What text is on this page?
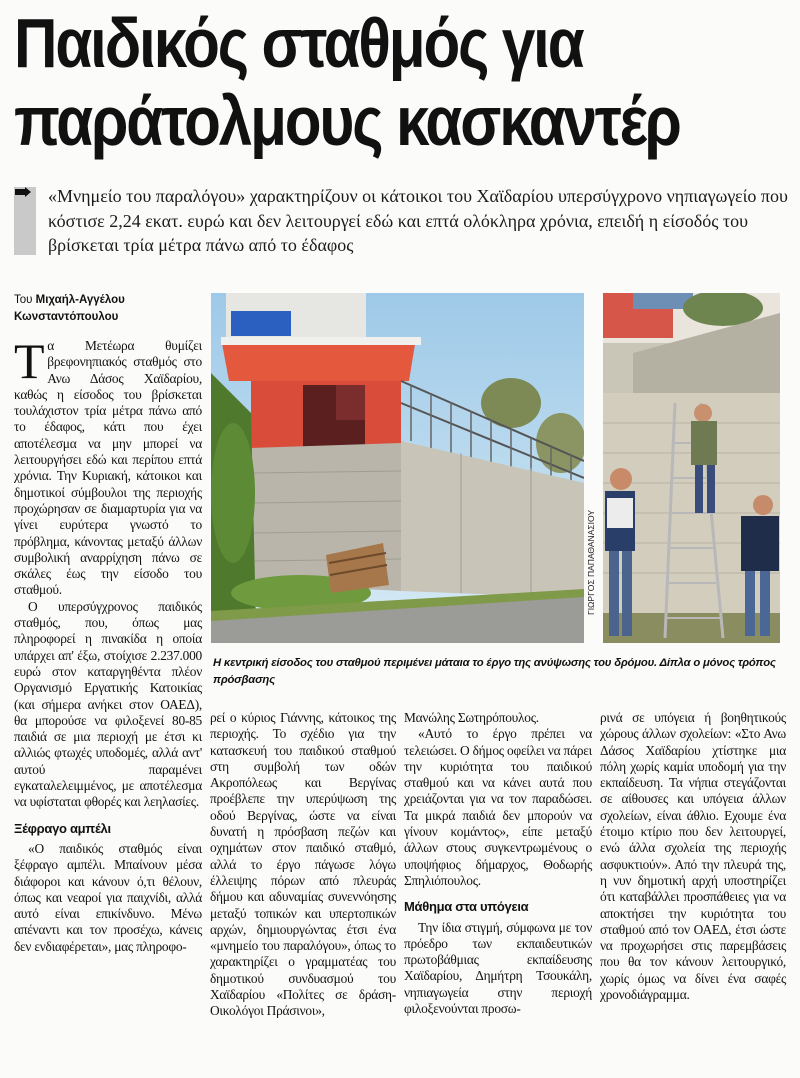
Παιδικός σταθμός για
παράτολμους κασκαντέρ

«Μνημείο του παραλόγου» χαρακτηρίζουν οι κάτοικοι του Χαϊδαρίου υπερσύγχρονο νηπιαγωγείο που κόστισε 2,24 εκατ. ευρώ και δεν λειτουργεί εδώ και επτά ολόκληρα χρόνια, επειδή η είσοδός του βρίσκεται τρία μέτρα πάνω από το έδαφος

Του Μιχαήλ-Αγγέλου Κωνσταντόπουλου
ΓΙΩΡΓΟΣ ΠΑΠΑΘΑΝΑΣΙΟΥ

Η κεντρική είσοδος του σταθμού περιμένει μάταια το έργο της ανύψωσης του δρόμου. Δίπλα ο μόνος τρόπος πρόσβασης

Τα Μετέωρα θυμίζει βρεφονηπιακός σταθμός στο Ανω Δάσος Χαϊδαρίου, καθώς η είσοδος του βρίσκεται τουλάχιστον τρία μέτρα πάνω από το έδαφος, κάτι που έχει αποτέλεσμα να μην μπορεί να λειτουργήσει εδώ και περίπου επτά χρόνια. Την Κυριακή, κάτοικοι και δημοτικοί σύμβουλοι της περιοχής προχώρησαν σε διαμαρτυρία για να γίνει ευρύτερα γνωστό το πρόβλημα, κάνοντας μεταξύ άλλων συμβολική αναρρίχηση πάνω σε σκάλες έως την είσοδο του σταθμού.

Ο υπερσύγχρονος παιδικός σταθμός, που, όπως μας πληροφορεί η πινακίδα η οποία υπάρχει απ' έξω, στοίχισε 2.237.000 ευρώ στον καταργηθέντα πλέον Οργανισμό Εργατικής Κατοικίας (και σήμερα ανήκει στον ΟΑΕΔ), θα μπορούσε να φιλοξενεί 80-85 παιδιά σε μια περιοχή με έτσι κι αλλιώς φτωχές υποδομές, αλλά αντ' αυτού παραμένει εγκαταλελειμμένος, με αποτέλεσμα να υφίσταται φθορές και λεηλασίες.

Ξέφραγο αμπέλι

«Ο παιδικός σταθμός είναι ξέφραγο αμπέλι. Μπαίνουν μέσα διάφοροι και κάνουν ό,τι θέλουν, όπως και νεαροί για παιχνίδι, αλλά αυτό είναι επικίνδυνο. Μένω απέναντι και τον προσέχω, κάνεις δεν ενδιαφέρεται», μας πληροφο-

ρεί ο κύριος Γιάννης, κάτοικος της περιοχής. Το σχέδιο για την κατασκευή του παιδικού σταθμού στη συμβολή των οδών Ακροπόλεως και Βεργίνας προέβλεπε την υπερύψωση της οδού Βεργίνας, ώστε να είναι δυνατή η πρόσβαση πεζών και οχημάτων στον παιδικό σταθμό, αλλά το έργο πάγωσε λόγω έλλειψης πόρων από πλευράς δήμου και αδυναμίας συνεννόησης μεταξύ τοπικών και υπερτοπικών αρχών, δημιουργώντας έτσι ένα «μνημείο του παραλόγου», όπως το χαρακτηρίζει ο γραμματέας του δημοτικού συνδυασμού του Χαϊδαρίου «Πολίτες σε δράση-Οικολόγοι Πράσινοι»,

Μανώλης Σωτηρόπουλος.

«Αυτό το έργο πρέπει να τελειώσει. Ο δήμος οφείλει να πάρει την κυριότητα του παιδικού σταθμού και να κάνει αυτά που χρειάζονται για να τον παραδώσει. Τα μικρά παιδιά δεν μπορούν να γίνουν κομάντος», είπε μεταξύ άλλων στους συγκεντρωμένους ο υποψήφιος δήμαρχος, Θοδωρής Σπηλιόπουλος.

Μάθημα στα υπόγεια

Την ίδια στιγμή, σύμφωνα με τον πρόεδρο των εκπαιδευτικών πρωτοβάθμιας εκπαίδευσης Χαϊδαρίου, Δημήτρη Τσουκάλη, νηπιαγωγεία στην περιοχή φιλοξενούνται προσω-

ρινά σε υπόγεια ή βοηθητικούς χώρους άλλων σχολείων: «Στο Ανω Δάσος Χαϊδαρίου χτίστηκε μια πόλη χωρίς καμία υποδομή για την εκπαίδευση. Τα νήπια στεγάζονται σε αίθουσες και υπόγεια άλλων σχολείων, είναι άθλιο. Εχουμε ένα έτοιμο κτίριο που δεν λειτουργεί, ενώ άλλα σχολεία της περιοχής ασφυκτιούν». Από την πλευρά της, η νυν δημοτική αρχή υποστηρίζει ότι καταβάλλει προσπάθειες για να αποκτήσει την κυριότητα του σταθμού από τον ΟΑΕΔ, έτσι ώστε να προχωρήσει στις παρεμβάσεις που θα τον κάνουν λειτουργικό, χωρίς όμως να δίνει ένα σαφές χρονοδιάγραμμα.
